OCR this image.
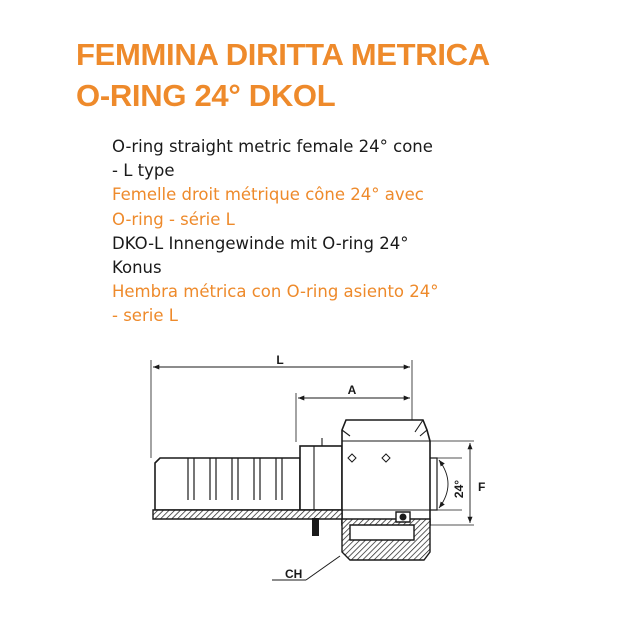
FEMMINA DIRITTA METRICA
O-RING 24° DKOL
O-ring straight metric female 24° cone
- L type
Femelle droit métrique cône 24° avec
O-ring - série L
DKO-L Innengewinde mit O-ring 24°
Konus
Hembra métrica con O-ring asiento 24°
- serie L
L
A
F
24°
CH
